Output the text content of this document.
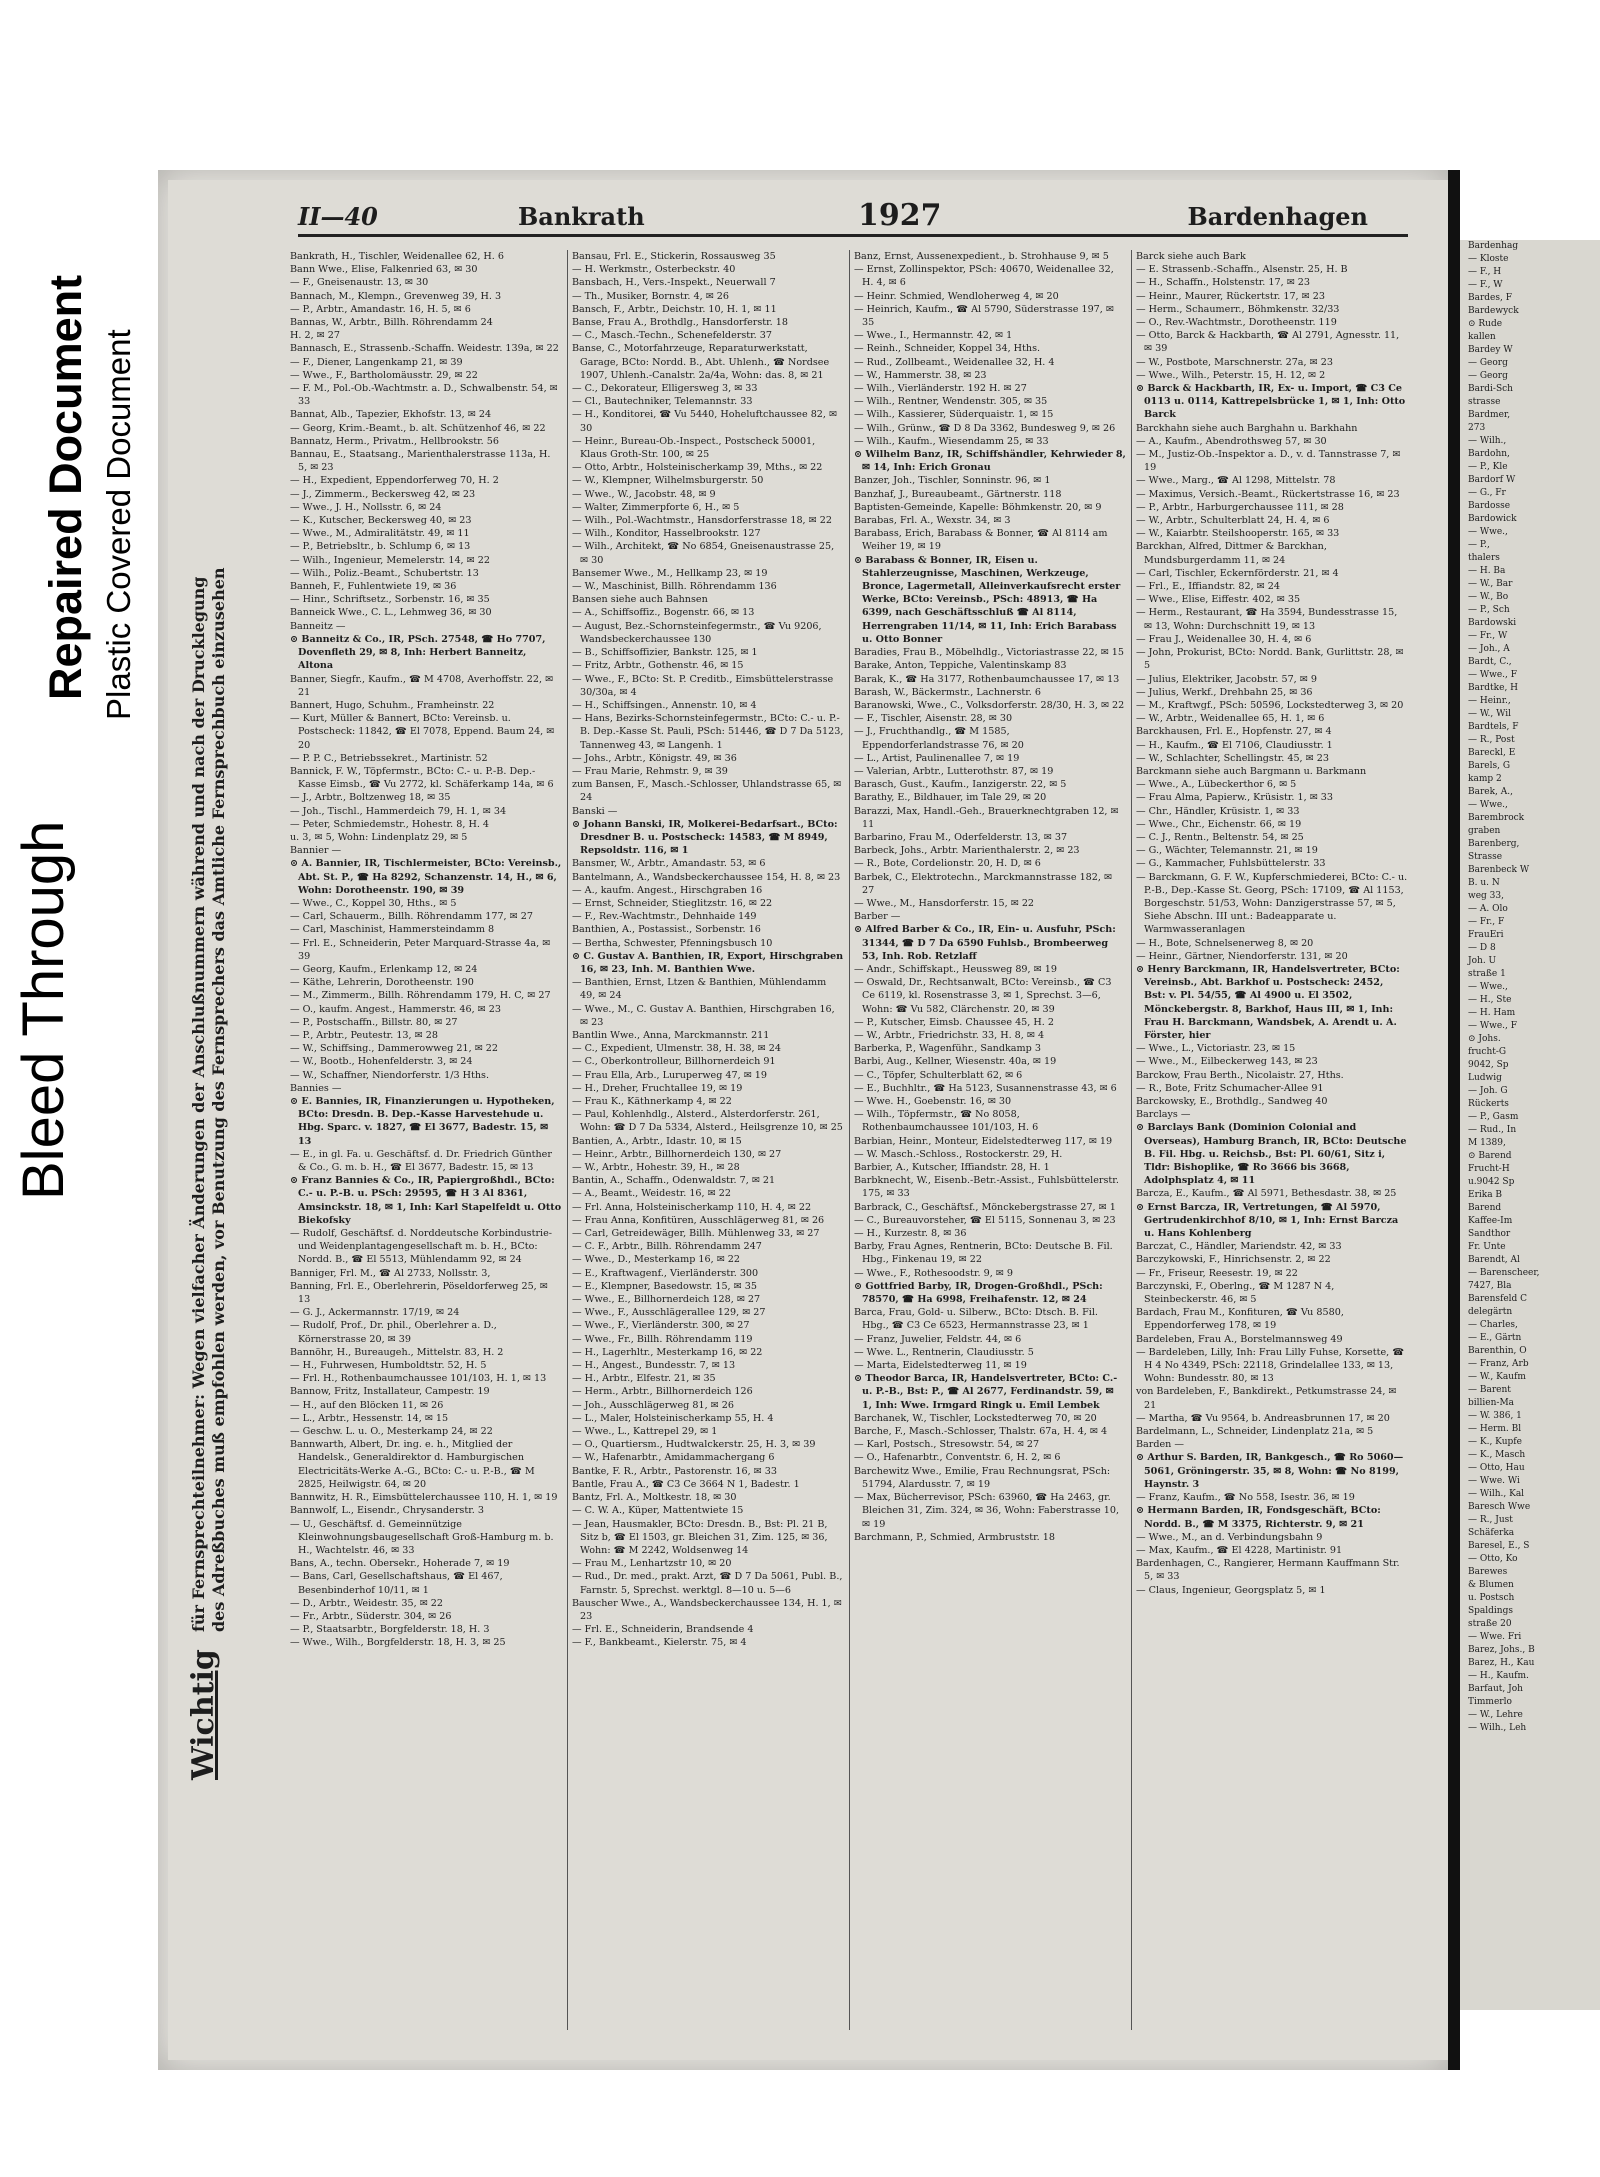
Bleed Through
Repaired Document Plastic Covered Document
II—40	Bankrath	1927	Bardenhagen
Wichtig für Fernsprechteilnehmer: Wegen vielfacher Änderungen der Anschlußnummern während und nach der Drucklegung
des Adreßbuches muß empfohlen werden, vor Benutzung des Fernsprechers das Amtliche Fernsprechbuch einzusehen
Bankrath, H., Tischler, Weidenallee 62, H. 6
Bann Wwe., Elise, Falkenried 63, ✉ 30
— F., Gneisenaustr. 13, ✉ 30
Bannach, M., Klempn., Grevenweg 39, H. 3
— P., Arbtr., Amandastr. 16, H. 5, ✉ 6
Bannas, W., Arbtr., Billh. Röhrendamm 24
H. 2, ✉ 27
Bannasch, E., Strassenb.-Schaffn. Weidestr. 139a, ✉ 22
— F., Diener, Langenkamp 21, ✉ 39
— Wwe., F., Bartholomäusstr. 29, ✉ 22
— F. M., Pol.-Ob.-Wachtmstr. a. D., Schwalbenstr. 54, ✉ 33
Bannat, Alb., Tapezier, Ekhofstr. 13, ✉ 24
— Georg, Krim.-Beamt., b. alt. Schützenhof 46, ✉ 22
Bannatz, Herm., Privatm., Hellbrookstr. 56
Bannau, E., Staatsang., Marienthalerstrasse 113a, H. 5, ✉ 23
— H., Expedient, Eppendorferweg 70, H. 2
— J., Zimmerm., Beckersweg 42, ✉ 23
— Wwe., J. H., Nollsstr. 6, ✉ 24
— K., Kutscher, Beckersweg 40, ✉ 23
— Wwe., M., Admiralitätstr. 49, ✉ 11
— P., Betriebsltr., b. Schlump 6, ✉ 13
— Wilh., Ingenieur, Memelerstr. 14, ✉ 22
— Wilh., Poliz.-Beamt., Schubertstr. 13
Banneh, F., Fuhlentwiete 19, ✉ 36
— Hinr., Schriftsetz., Sorbenstr. 16, ✉ 35
Banneick Wwe., C. L., Lehmweg 36, ✉ 30
Banneitz —
⊙ Banneitz & Co., IR, PSch. 27548, ☎ Ho 7707, Dovenfleth 29, ✉ 8, Inh: Herbert Banneitz, Altona
Banner, Siegfr., Kaufm., ☎ M 4708, Averhoffstr. 22, ✉ 21
Bannert, Hugo, Schuhm., Framheinstr. 22
— Kurt, Müller & Bannert, BCto: Vereinsb. u. Postscheck: 11842, ☎ El 7078, Eppend. Baum 24, ✉ 20
— P. P. C., Betriebssekret., Martinistr. 52
Bannick, F. W., Töpfermstr., BCto: C.- u. P.-B. Dep.-Kasse Eimsb., ☎ Vu 2772, kl. Schäferkamp 14a, ✉ 6
— J., Arbtr., Boltzenweg 18, ✉ 35
— Joh., Tischl., Hammerdeich 79, H. 1, ✉ 34
— Peter, Schmiedemstr., Hohestr. 8, H. 4
u. 3, ✉ 5, Wohn: Lindenplatz 29, ✉ 5
Bannier —
⊙ A. Bannier, IR, Tischlermeister, BCto: Vereinsb., Abt. St. P., ☎ Ha 8292, Schanzenstr. 14, H., ✉ 6, Wohn: Dorotheenstr. 190, ✉ 39
— Wwe., C., Koppel 30, Hths., ✉ 5
— Carl, Schauerm., Billh. Röhrendamm 177, ✉ 27
— Carl, Maschinist, Hammersteindamm 8
— Frl. E., Schneiderin, Peter Marquard-Strasse 4a, ✉ 39
— Georg, Kaufm., Erlenkamp 12, ✉ 24
— Käthe, Lehrerin, Dorotheenstr. 190
— M., Zimmerm., Billh. Röhrendamm 179, H. C, ✉ 27
— O., kaufm. Angest., Hammerstr. 46, ✉ 23
— P., Postschaffn., Billstr. 80, ✉ 27
— P., Arbtr., Peutestr. 13, ✉ 28
— W., Schiffsing., Dammerowweg 21, ✉ 22
— W., Bootb., Hohenfelderstr. 3, ✉ 24
— W., Schaffner, Niendorferstr. 1/3 Hths.
Bannies —
⊙ E. Bannies, IR, Finanzierungen u. Hypotheken, BCto: Dresdn. B. Dep.-Kasse Harvestehude u. Hbg. Sparc. v. 1827, ☎ El 3677, Badestr. 15, ✉ 13
— E., in gl. Fa. u. Geschäftsf. d. Dr. Friedrich Günther & Co., G. m. b. H., ☎ El 3677, Badestr. 15, ✉ 13
⊙ Franz Bannies & Co., IR, Papiergroßhdl., BCto: C.- u. P.-B. u. PSch: 29595, ☎ H 3 Al 8361, Amsinckstr. 18, ✉ 1, Inh: Karl Stapelfeldt u. Otto Biekofsky
— Rudolf, Geschäftsf. d. Norddeutsche Korbindustrie- und Weidenplantagengesellschaft m. b. H., BCto: Nordd. B., ☎ El 5513, Mühlendamm 92, ✉ 24
Banniger, Frl. M., ☎ Al 2733, Nollsstr. 3,
Banning, Frl. E., Oberlehrerin, Pöseldorferweg 25, ✉ 13
— G. J., Ackermannstr. 17/19, ✉ 24
— Rudolf, Prof., Dr. phil., Oberlehrer a. D., Körnerstrasse 20, ✉ 39
Bannöhr, H., Bureaugeh., Mittelstr. 83, H. 2
— H., Fuhrwesen, Humboldtstr. 52, H. 5
— Frl. H., Rothenbaumchaussee 101/103, H. 1, ✉ 13
Bannow, Fritz, Installateur, Campestr. 19
— H., auf den Blöcken 11, ✉ 26
— L., Arbtr., Hessenstr. 14, ✉ 15
— Geschw. L. u. O., Mesterkamp 24, ✉ 22
Bannwarth, Albert, Dr. ing. e. h., Mitglied der Handelsk., Generaldirektor d. Hamburgischen Electricitäts-Werke A.-G., BCto: C.- u. P.-B., ☎ M 2825, Heilwigstr. 64, ✉ 20
Bannwitz, H. R., Eimsbüttelerchaussee 110, H. 1, ✉ 19
Bannwolf, L., Eisendr., Chrysanderstr. 3
— U., Geschäftsf. d. Gemeinnützige Kleinwohnungsbaugesellschaft Groß-Hamburg m. b. H., Wachtelstr. 46, ✉ 33
Bans, A., techn. Obersekr., Hoherade 7, ✉ 19
— Bans, Carl, Gesellschaftshaus, ☎ El 467, Besenbinderhof 10/11, ✉ 1
— D., Arbtr., Weidestr. 35, ✉ 22
— Fr., Arbtr., Süderstr. 304, ✉ 26
— P., Staatsarbtr., Borgfelderstr. 18, H. 3
— Wwe., Wilh., Borgfelderstr. 18, H. 3, ✉ 25
Bansau, Frl. E., Stickerin, Rossausweg 35
— H. Werkmstr., Osterbeckstr. 40
Bansbach, H., Vers.-Inspekt., Neuerwall 7
— Th., Musiker, Bornstr. 4, ✉ 26
Bansch, F., Arbtr., Deichstr. 10, H. 1, ✉ 11
Banse, Frau A., Brothdlg., Hansdorferstr. 18
— C., Masch.-Techn., Schenefelderstr. 37
Banse, C., Motorfahrzeuge, Reparaturwerkstatt, Garage, BCto: Nordd. B., Abt. Uhlenh., ☎ Nordsee 1907, Uhlenh.-Canalstr. 2a/4a, Wohn: das. 8, ✉ 21
— C., Dekorateur, Elligersweg 3, ✉ 33
— Cl., Bautechniker, Telemannstr. 33
— H., Konditorei, ☎ Vu 5440, Hoheluftchaussee 82, ✉ 30
— Heinr., Bureau-Ob.-Inspect., Postscheck 50001, Klaus Groth-Str. 100, ✉ 25
— Otto, Arbtr., Holsteinischerkamp 39, Mths., ✉ 22
— W., Klempner, Wilhelmsburgerstr. 50
— Wwe., W., Jacobstr. 48, ✉ 9
— Walter, Zimmerpforte 6, H., ✉ 5
— Wilh., Pol.-Wachtmstr., Hansdorferstrasse 18, ✉ 22
— Wilh., Konditor, Hasselbrookstr. 127
— Wilh., Architekt, ☎ No 6854, Gneisenaustrasse 25, ✉ 30
Bansemer Wwe., M., Hellkamp 23, ✉ 19
— W., Maschinist, Billh. Röhrendamm 136
Bansen siehe auch Bahnsen
— A., Schiffsoffiz., Bogenstr. 66, ✉ 13
— August, Bez.-Schornsteinfegermstr., ☎ Vu 9206, Wandsbeckerchaussee 130
— B., Schiffsoffizier, Bankstr. 125, ✉ 1
— Fritz, Arbtr., Gothenstr. 46, ✉ 15
— Wwe., F., BCto: St. P. Creditb., Eimsbüttelerstrasse 30/30a, ✉ 4
— H., Schiffsingen., Annenstr. 10, ✉ 4
— Hans, Bezirks-Schornsteinfegermstr., BCto: C.- u. P.-B. Dep.-Kasse St. Pauli, PSch: 51446, ☎ D 7 Da 5123, Tannenweg 43, ✉ Langenh. 1
— Johs., Arbtr., Königstr. 49, ✉ 36
— Frau Marie, Rehmstr. 9, ✉ 39
zum Bansen, F., Masch.-Schlosser, Uhlandstrasse 65, ✉ 24
Banski —
⊙ Johann Banski, IR, Molkerei-Bedarfsart., BCto: Dresdner B. u. Postscheck: 14583, ☎ M 8949, Repsoldstr. 116, ✉ 1
Bansmer, W., Arbtr., Amandastr. 53, ✉ 6
Bantelmann, A., Wandsbeckerchaussee 154, H. 8, ✉ 23
— A., kaufm. Angest., Hirschgraben 16
— Ernst, Schneider, Stieglitzstr. 16, ✉ 22
— F., Rev.-Wachtmstr., Dehnhaide 149
Banthien, A., Postassist., Sorbenstr. 16
— Bertha, Schwester, Pfenningsbusch 10
⊙ C. Gustav A. Banthien, IR, Export, Hirschgraben 16, ✉ 23, Inh. M. Banthien Wwe.
— Banthien, Ernst, Ltzen & Banthien, Mühlendamm 49, ✉ 24
— Wwe., M., C. Gustav A. Banthien, Hirschgraben 16, ✉ 23
Bantlin Wwe., Anna, Marckmannstr. 211
— C., Expedient, Ulmenstr. 38, H. 38, ✉ 24
— C., Oberkontrolleur, Billhornerdeich 91
— Frau Ella, Arb., Luruperweg 47, ✉ 19
— H., Dreher, Fruchtallee 19, ✉ 19
— Frau K., Käthnerkamp 4, ✉ 22
— Paul, Kohlenhdlg., Alsterd., Alsterdorferstr. 261, Wohn: ☎ D 7 Da 5334, Alsterd., Heilsgrenze 10, ✉ 25
Bantien, A., Arbtr., Idastr. 10, ✉ 15
— Heinr., Arbtr., Billhornerdeich 130, ✉ 27
— W., Arbtr., Hohestr. 39, H., ✉ 28
Bantin, A., Schaffn., Odenwaldstr. 7, ✉ 21
— A., Beamt., Weidestr. 16, ✉ 22
— Frl. Anna, Holsteinischerkamp 110, H. 4, ✉ 22
— Frau Anna, Konfitüren, Ausschlägerweg 81, ✉ 26
— Carl, Getreidewäger, Billh. Mühlenweg 33, ✉ 27
— C. F., Arbtr., Billh. Röhrendamm 247
— Wwe., D., Mesterkamp 16, ✉ 22
— E., Kraftwagenf., Vierländerstr. 300
— E., Klempner, Basedowstr. 15, ✉ 35
— Wwe., E., Billhornerdeich 128, ✉ 27
— Wwe., F., Ausschlägerallee 129, ✉ 27
— Wwe., F., Vierländerstr. 300, ✉ 27
— Wwe., Fr., Billh. Röhrendamm 119
— H., Lagerhltr., Mesterkamp 16, ✉ 22
— H., Angest., Bundesstr. 7, ✉ 13
— H., Arbtr., Elfestr. 21, ✉ 35
— Herm., Arbtr., Billhornerdeich 126
— Joh., Ausschlägerweg 81, ✉ 26
— L., Maler, Holsteinischerkamp 55, H. 4
— Wwe., L., Kattrepel 29, ✉ 1
— O., Quartiersm., Hudtwalckerstr. 25, H. 3, ✉ 39
— W., Hafenarbtr., Amidammachergang 6
Bantke, F. R., Arbtr., Pastorenstr. 16, ✉ 33
Bantle, Frau A., ☎ C3 Ce 3664 N 1, Badestr. 1
Bantz, Frl. A., Moltkestr. 18, ✉ 30
— C. W. A., Küper, Mattentwiete 15
— Jean, Hausmakler, BCto: Dresdn. B., Bst: Pl. 21 B, Sitz b, ☎ El 1503, gr. Bleichen 31, Zim. 125, ✉ 36, Wohn: ☎ M 2242, Woldsenweg 14
— Frau M., Lenhartzstr 10, ✉ 20
— Rud., Dr. med., prakt. Arzt, ☎ D 7 Da 5061, Publ. B., Farnstr. 5, Sprechst. werktgl. 8—10 u. 5—6
Bauscher Wwe., A., Wandsbeckerchaussee 134, H. 1, ✉ 23
— Frl. E., Schneiderin, Brandsende 4
— F., Bankbeamt., Kielerstr. 75, ✉ 4
Banz, Ernst, Aussenexpedient., b. Strohhause 9, ✉ 5
— Ernst, Zollinspektor, PSch: 40670, Weidenallee 32, H. 4, ✉ 6
— Heinr. Schmied, Wendloherweg 4, ✉ 20
— Heinrich, Kaufm., ☎ Al 5790, Süderstrasse 197, ✉ 35
— Wwe., I., Hermannstr. 42, ✉ 1
— Reinh., Schneider, Koppel 34, Hths.
— Rud., Zollbeamt., Weidenallee 32, H. 4
— W., Hammerstr. 38, ✉ 23
— Wilh., Vierländerstr. 192 H. ✉ 27
— Wilh., Rentner, Wendenstr. 305, ✉ 35
— Wilh., Kassierer, Süderquaistr. 1, ✉ 15
— Wilh., Grünw., ☎ D 8 Da 3362, Bundesweg 9, ✉ 26
— Wilh., Kaufm., Wiesendamm 25, ✉ 33
⊙ Wilhelm Banz, IR, Schiffshändler, Kehrwieder 8, ✉ 14, Inh: Erich Gronau
Banzer, Joh., Tischler, Sonninstr. 96, ✉ 1
Banzhaf, J., Bureaubeamt., Gärtnerstr. 118
Baptisten-Gemeinde, Kapelle: Böhmkenstr. 20, ✉ 9
Barabas, Frl. A., Wexstr. 34, ✉ 3
Barabass, Erich, Barabass & Bonner, ☎ Al 8114 am Weiher 19, ✉ 19
⊙ Barabass & Bonner, IR, Eisen u. Stahlerzeugnisse, Maschinen, Werkzeuge, Bronce, Lagermetall, Alleinverkaufsrecht erster Werke, BCto: Vereinsb., PSch: 48913, ☎ Ha 6399, nach Geschäftsschluß ☎ Al 8114, Herrengraben 11/14, ✉ 11, Inh: Erich Barabass u. Otto Bonner
Baradies, Frau B., Möbelhdlg., Victoriastrasse 22, ✉ 15
Barake, Anton, Teppiche, Valentinskamp 83
Barak, K., ☎ Ha 3177, Rothenbaumchaussee 17, ✉ 13
Barash, W., Bäckermstr., Lachnerstr. 6
Baranowski, Wwe., C., Volksdorferstr. 28/30, H. 3, ✉ 22
— F., Tischler, Aisenstr. 28, ✉ 30
— J., Fruchthandlg., ☎ M 1585, Eppendorferlandstrasse 76, ✉ 20
— L., Artist, Paulinenallee 7, ✉ 19
— Valerian, Arbtr., Lutterothstr. 87, ✉ 19
Barasch, Gust., Kaufm., Ianzigerstr. 22, ✉ 5
Barathy, E., Bildhauer, im Tale 29, ✉ 20
Barazzi, Max, Handl.-Geh., Brauerknechtgraben 12, ✉ 11
Barbarino, Frau M., Oderfelderstr. 13, ✉ 37
Barbeck, Johs., Arbtr. Marienthalerstr. 2, ✉ 23
— R., Bote, Cordelionstr. 20, H. D, ✉ 6
Barbek, C., Elektrotechn., Marckmannstrasse 182, ✉ 27
— Wwe., M., Hansdorferstr. 15, ✉ 22
Barber —
⊙ Alfred Barber & Co., IR, Ein- u. Ausfuhr, PSch: 31344, ☎ D 7 Da 6590 Fuhlsb., Brombeerweg 53, Inh. Rob. Retzlaff
— Andr., Schiffskapt., Heussweg 89, ✉ 19
— Oswald, Dr., Rechtsanwalt, BCto: Vereinsb., ☎ C3 Ce 6119, kl. Rosenstrasse 3, ✉ 1, Sprechst. 3—6, Wohn: ☎ Vu 582, Clärchenstr. 20, ✉ 39
— P., Kutscher, Eimsb. Chaussee 45, H. 2
— W., Arbtr., Friedrichstr. 33, H. 8, ✉ 4
Barberka, P., Wagenführ., Sandkamp 3
Barbi, Aug., Kellner, Wiesenstr. 40a, ✉ 19
— C., Töpfer, Schulterblatt 62, ✉ 6
— E., Buchhltr., ☎ Ha 5123, Susannenstrasse 43, ✉ 6
— Wwe. H., Goebenstr. 16, ✉ 30
— Wilh., Töpfermstr., ☎ No 8058, Rothenbaumchaussee 101/103, H. 6
Barbian, Heinr., Monteur, Eidelstedterweg 117, ✉ 19
— W. Masch.-Schloss., Rostockerstr. 29, H.
Barbier, A., Kutscher, Iffiandstr. 28, H. 1
Barbknecht, W., Eisenb.-Betr.-Assist., Fuhlsbüttelerstr. 175, ✉ 33
Barbrack, C., Geschäftsf., Mönckebergstrasse 27, ✉ 1
— C., Bureauvorsteher, ☎ El 5115, Sonnenau 3, ✉ 23
— H., Kurzestr. 8, ✉ 36
Barby, Frau Agnes, Rentnerin, BCto: Deutsche B. Fil. Hbg., Finkenau 19, ✉ 22
— Wwe., F., Rothesoodstr. 9, ✉ 9
⊙ Gottfried Barby, IR, Drogen-Großhdl., PSch: 78570, ☎ Ha 6998, Freihafenstr. 12, ✉ 24
Barca, Frau, Gold- u. Silberw., BCto: Dtsch. B. Fil. Hbg., ☎ C3 Ce 6523, Hermannstrasse 23, ✉ 1
— Franz, Juwelier, Feldstr. 44, ✉ 6
— Wwe. L., Rentnerin, Claudiusstr. 5
— Marta, Eidelstedterweg 11, ✉ 19
⊙ Theodor Barca, IR, Handelsvertreter, BCto: C.- u. P.-B., Bst: P., ☎ Al 2677, Ferdinandstr. 59, ✉ 1, Inh: Wwe. Irmgard Ringk u. Emil Lembek
Barchanek, W., Tischler, Lockstedterweg 70, ✉ 20
Barche, F., Masch.-Schlosser, Thalstr. 67a, H. 4, ✉ 4
— Karl, Postsch., Stresowstr. 54, ✉ 27
— O., Hafenarbtr., Conventstr. 6, H. 2, ✉ 6
Barchewitz Wwe., Emilie, Frau Rechnungsrat, PSch: 51794, Alardusstr. 7, ✉ 19
— Max, Bücherrevisor, PSch: 63960, ☎ Ha 2463, gr. Bleichen 31, Zim. 324, ✉ 36, Wohn: Faberstrasse 10, ✉ 19
Barchmann, P., Schmied, Armbruststr. 18
Barck siehe auch Bark
— E. Strassenb.-Schaffn., Alsenstr. 25, H. B
— H., Schaffn., Holstenstr. 17, ✉ 23
— Heinr., Maurer, Rückertstr. 17, ✉ 23
— Herm., Schaumerr., Böhmkenstr. 32/33
— O., Rev.-Wachtmstr., Dorotheenstr. 119
— Otto, Barck & Hackbarth, ☎ Al 2791, Agnesstr. 11, ✉ 39
— W., Postbote, Marschnerstr. 27a, ✉ 23
— Wwe., Wilh., Peterstr. 15, H. 12, ✉ 2
⊙ Barck & Hackbarth, IR, Ex- u. Import, ☎ C3 Ce 0113 u. 0114, Kattrepelsbrücke 1, ✉ 1, Inh: Otto Barck
Barckhahn siehe auch Barghahn u. Barkhahn
— A., Kaufm., Abendrothsweg 57, ✉ 30
— M., Justiz-Ob.-Inspektor a. D., v. d. Tannstrasse 7, ✉ 19
— Wwe., Marg., ☎ Al 1298, Mittelstr. 78
— Maximus, Versich.-Beamt., Rückertstrasse 16, ✉ 23
— P., Arbtr., Harburgerchaussee 111, ✉ 28
— W., Arbtr., Schulterblatt 24, H. 4, ✉ 6
— W., Kaiarbtr. Steilshooperstr. 165, ✉ 33
Barckhan, Alfred, Dittmer & Barckhan, Mundsburgerdamm 11, ✉ 24
— Carl, Tischler, Eckernförderstr. 21, ✉ 4
— Frl., E., Iffiandstr. 82, ✉ 24
— Wwe., Elise, Eiffestr. 402, ✉ 35
— Herm., Restaurant, ☎ Ha 3594, Bundesstrasse 15, ✉ 13, Wohn: Durchschnitt 19, ✉ 13
— Frau J., Weidenallee 30, H. 4, ✉ 6
— John, Prokurist, BCto: Nordd. Bank, Gurlittstr. 28, ✉ 5
— Julius, Elektriker, Jacobstr. 57, ✉ 9
— Julius, Werkf., Drehbahn 25, ✉ 36
— M., Kraftwgf., PSch: 50596, Lockstedterweg 3, ✉ 20
— W., Arbtr., Weidenallee 65, H. 1, ✉ 6
Barckhausen, Frl. E., Hopfenstr. 27, ✉ 4
— H., Kaufm., ☎ El 7106, Claudiusstr. 1
— W., Schlachter, Schellingstr. 45, ✉ 23
Barckmann siehe auch Bargmann u. Barkmann
— Wwe., A., Lübeckerthor 6, ✉ 5
— Frau Alma, Papierw., Krüsistr. 1, ✉ 33
— Chr., Händler, Krüsistr. 1, ✉ 33
— Wwe., Chr., Eichenstr. 66, ✉ 19
— C. J., Rentn., Beltenstr. 54, ✉ 25
— G., Wächter, Telemannstr. 21, ✉ 19
— G., Kammacher, Fuhlsbüttelerstr. 33
— Barckmann, G. F. W., Kupferschmiederei, BCto: C.- u. P.-B., Dep.-Kasse St. Georg, PSch: 17109, ☎ Al 1153, Borgeschstr. 51/53, Wohn: Danzigerstrasse 57, ✉ 5, Siehe Abschn. III unt.: Badeapparate u. Warmwasseranlagen
— H., Bote, Schnelsenerweg 8, ✉ 20
— Heinr., Gärtner, Niendorferstr. 131, ✉ 20
⊙ Henry Barckmann, IR, Handelsvertreter, BCto: Vereinsb., Abt. Barkhof u. Postscheck: 2452, Bst: v. Pl. 54/55, ☎ Al 4900 u. El 3502, Mönckebergstr. 8, Barkhof, Haus III, ✉ 1, Inh: Frau H. Barckmann, Wandsbek, A. Arendt u. A. Förster, hier
— Wwe., L., Victoriastr. 23, ✉ 15
— Wwe., M., Eilbeckerweg 143, ✉ 23
Barckow, Frau Berth., Nicolaistr. 27, Hths.
— R., Bote, Fritz Schumacher-Allee 91
Barckowsky, E., Brothdlg., Sandweg 40
Barclays —
⊙ Barclays Bank (Dominion Colonial and Overseas), Hamburg Branch, IR, BCto: Deutsche B. Fil. Hbg. u. Reichsb., Bst: Pl. 60/61, Sitz i, Tldr: Bishoplike, ☎ Ro 3666 bis 3668, Adolphsplatz 4, ✉ 11
Barcza, E., Kaufm., ☎ Al 5971, Bethesdastr. 38, ✉ 25
⊙ Ernst Barcza, IR, Vertretungen, ☎ Al 5970, Gertrudenkirchhof 8/10, ✉ 1, Inh: Ernst Barcza u. Hans Kohlenberg
Barczat, C., Händler, Mariendstr. 42, ✉ 33
Barczykowski, F., Hinrichsenstr. 2, ✉ 22
— Fr., Friseur, Reesestr. 19, ✉ 22
Barczynski, F., Oberlng., ☎ M 1287 N 4, Steinbeckerstr. 46, ✉ 5
Bardach, Frau M., Konfituren, ☎ Vu 8580, Eppendorferweg 178, ✉ 19
Bardeleben, Frau A., Borstelmannsweg 49
— Bardeleben, Lilly, Inh: Frau Lilly Fuhse, Korsette, ☎ H 4 No 4349, PSch: 22118, Grindelallee 133, ✉ 13, Wohn: Bundesstr. 80, ✉ 13
von Bardeleben, F., Bankdirekt., Petkumstrasse 24, ✉ 21
— Martha, ☎ Vu 9564, b. Andreasbrunnen 17, ✉ 20
Bardelmann, L., Schneider, Lindenplatz 21a, ✉ 5
Barden —
⊙ Arthur S. Barden, IR, Bankgesch., ☎ Ro 5060—5061, Gröningerstr. 35, ✉ 8, Wohn: ☎ No 8199, Haynstr. 3
— Franz, Kaufm., ☎ No 558, Isestr. 36, ✉ 19
⊙ Hermann Barden, IR, Fondsgeschäft, BCto: Nordd. B., ☎ M 3375, Richterstr. 9, ✉ 21
— Wwe., M., an d. Verbindungsbahn 9
— Max, Kaufm., ☎ El 4228, Martinistr. 91
Bardenhagen, C., Rangierer, Hermann Kauffmann Str. 5, ✉ 33
— Claus, Ingenieur, Georgsplatz 5, ✉ 1
Bardenhag
— Kloste
— F., H
— F., W
Bardes, F
Bardewyck
⊙ Rude
kallen
Bardey W
— Georg
— Georg
Bardi-Sch
strasse
Bardmer,
273
— Wilh.,
Bardohn,
— P., Kle
Bardorf W
— G., Fr
Bardosse
Bardowick
— Wwe.,
— P.,
thalers
— H. Ba
— W., Bar
— W., Bo
— P., Sch
Bardowski
— Fr., W
— Joh., A
Bardt, C.,
— Wwe., F
Bardtke, H
— Heinr.,
— W., Wil
Bardtels, F
— R., Post
Bareckl, E
Barels, G
kamp 2
Barek, A.,
— Wwe.,
Barembrock
graben
Barenberg,
Strasse
Barenbeck W
B. u. N
weg 33,
— A. Olo
— Fr., F
FrauEri
— D 8
Joh. U
straße 1
— Wwe.,
— H., Ste
— H. Ham
— Wwe., F
⊙ Johs.
frucht-G
9042, Sp
Ludwig
— Joh. G
Rückerts
— P., Gasm
— Rud., In
M 1389,
⊙ Barend
Frucht-H
u.9042 Sp
Erika B
Barend
Kaffee-Im
Sandthor
Fr. Unte
Barendt, Al
— Barenscheer,
7427, Bla
Barensfeld C
delegärtn
— Charles,
— E., Gärtn
Barenthin, O
— Franz, Arb
— W., Kaufm
— Barent
billien-Ma
— W. 386, 1
— Herm. Bl
— K., Kupfe
— K., Masch
— Otto, Hau
— Wwe. Wi
— Wilh., Kal
Baresch Wwe
— R., Just
Schäferka
Baresel, E., S
— Otto, Ko
Barewes
& Blumen
u. Postsch
Spaldings
straße 20
— Wwe. Fri
Barez, Johs., B
Barez, H., Kau
— H., Kaufm.
Barfaut, Joh
Timmerlo
— W., Lehre
— Wilh., Leh
